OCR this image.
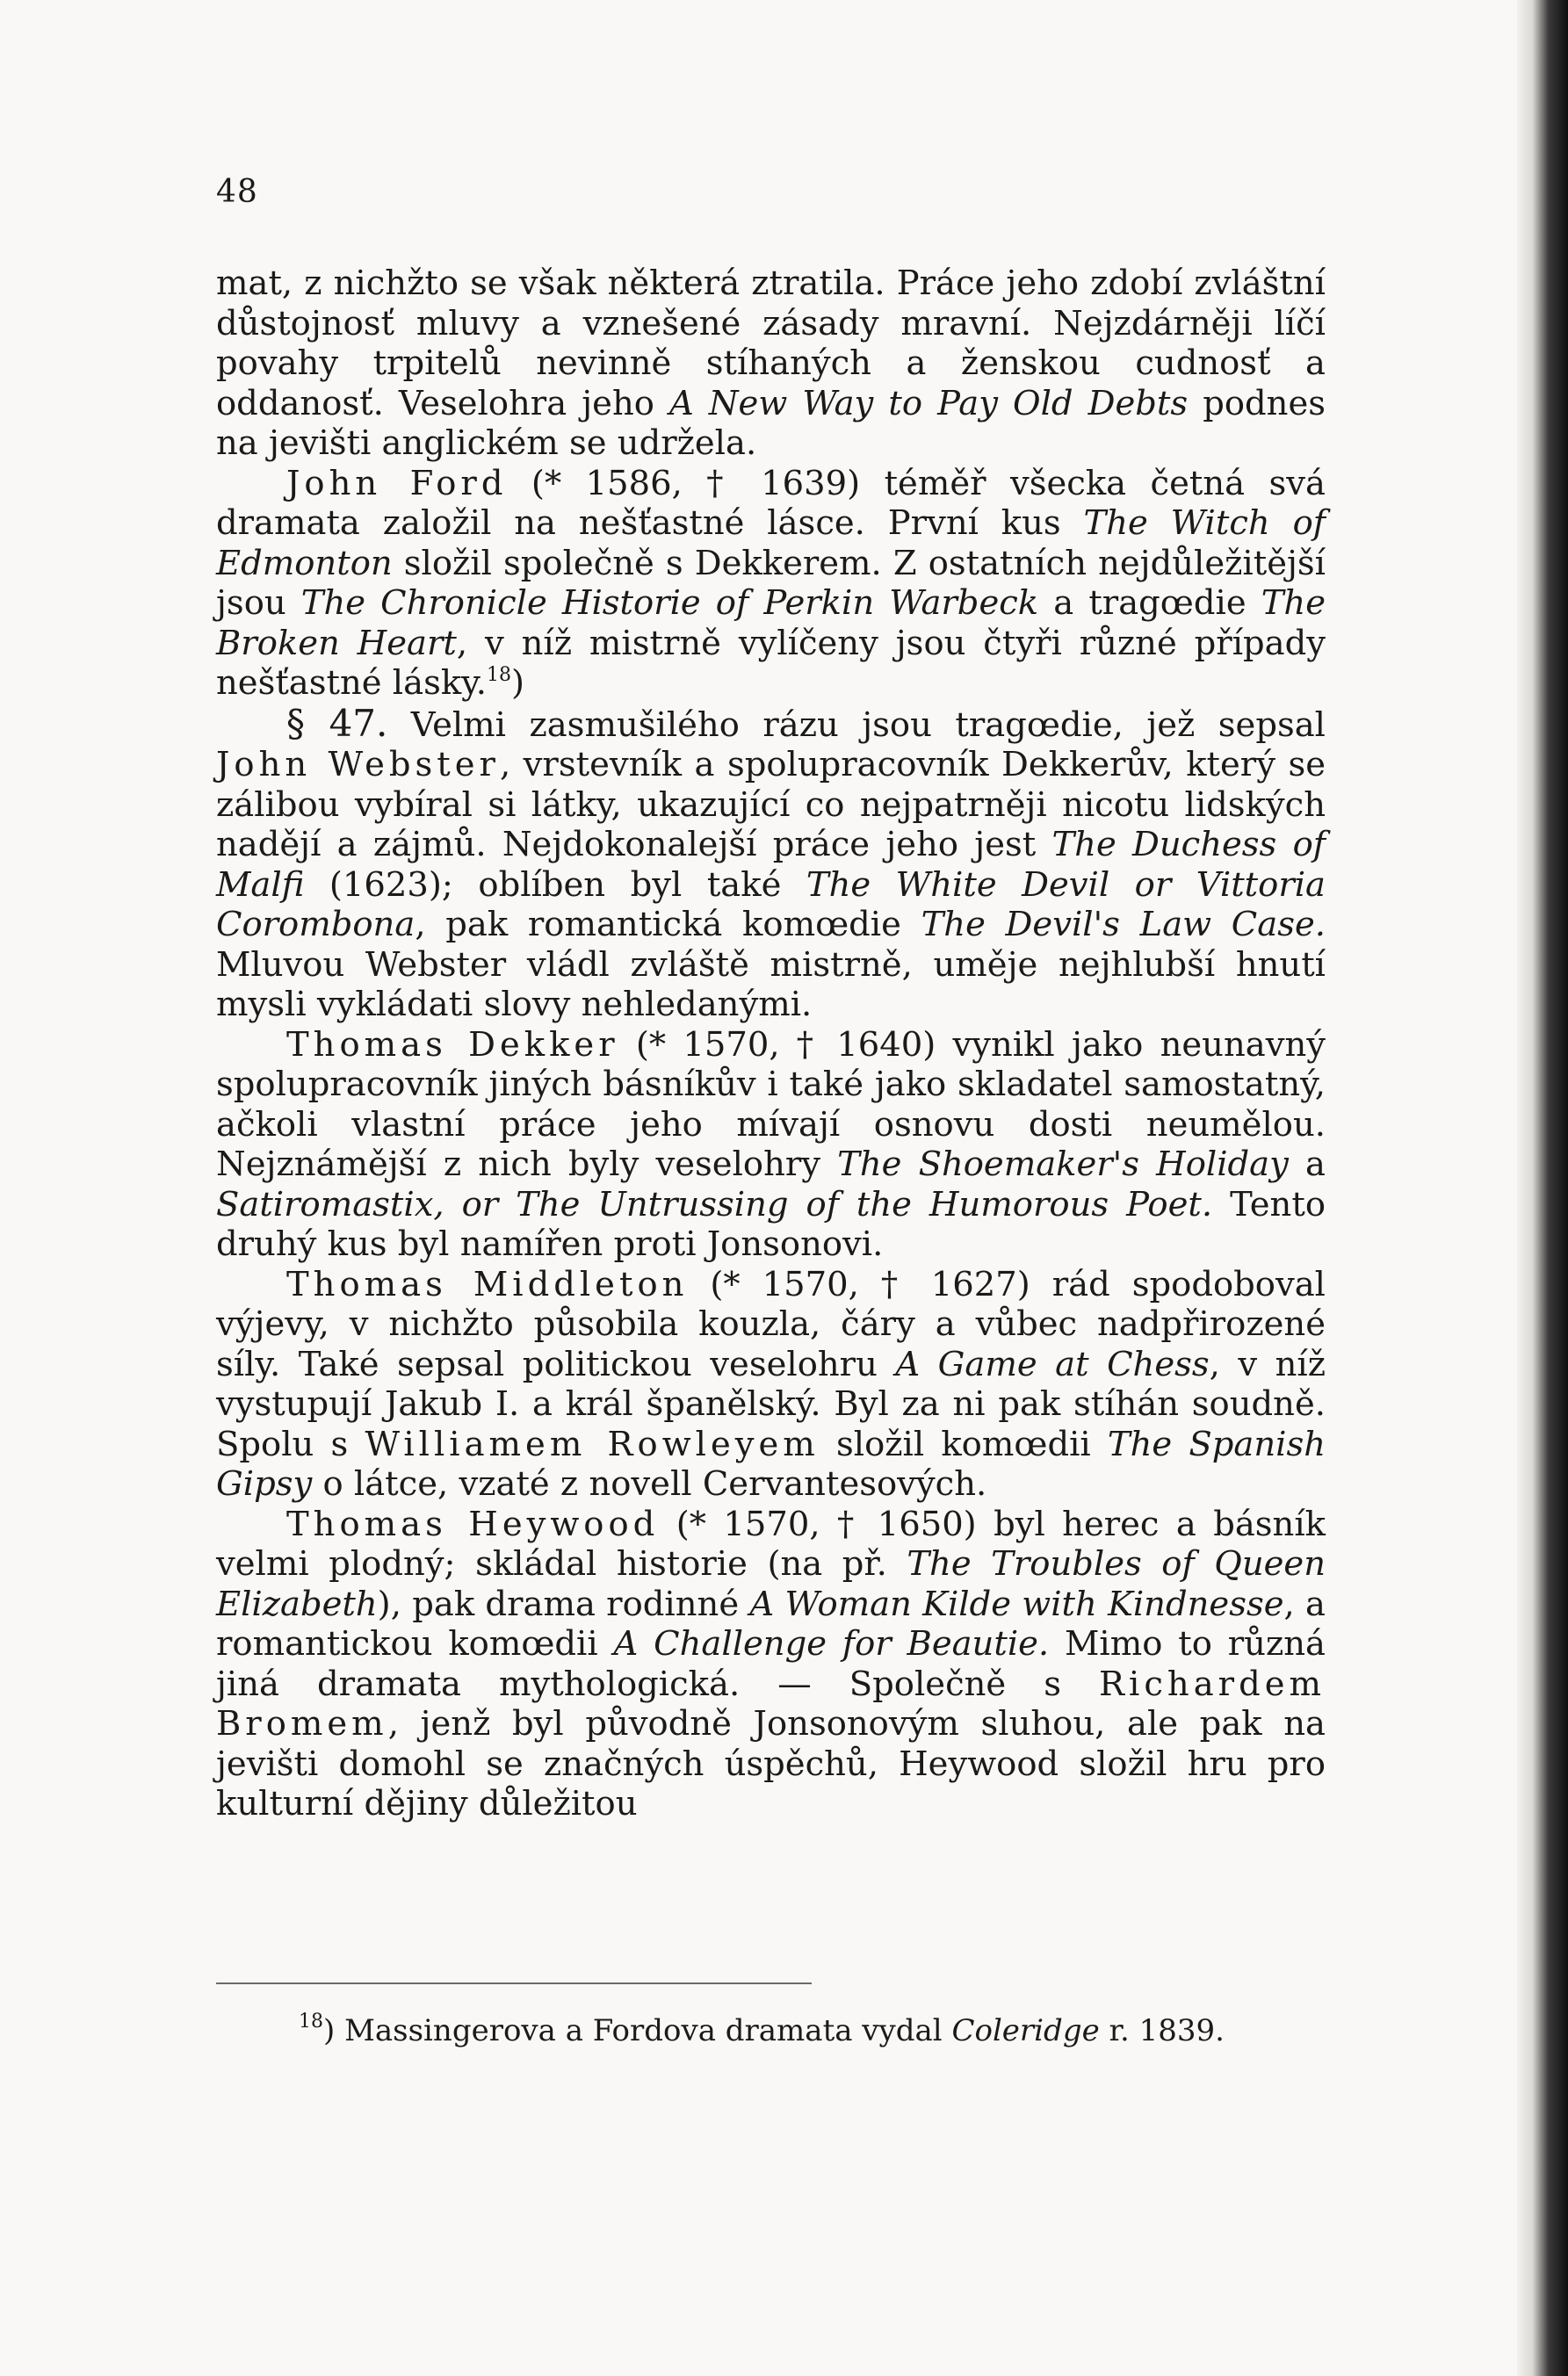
48

mat, z nichžto se však některá ztratila. Práce jeho zdobí zvláštní důstojnosť mluvy a vznešené zásady mravní. Nejzdárněji líčí povahy trpitelů nevinně stíhaných a ženskou cudnosť a oddanosť. Veselohra jeho A New Way to Pay Old Debts podnes na jevišti anglickém se udržela.

John Ford (* 1586, † 1639) téměř všecka četná svá dramata založil na nešťastné lásce. První kus The Witch of Edmonton složil společně s Dekkerem. Z ostatních nejdůležitější jsou The Chronicle Historie of Perkin Warbeck a tragœdie The Broken Heart, v níž mistrně vylíčeny jsou čtyři různé případy nešťastné lásky.$^{18}$)

§ 47. Velmi zasmušilého rázu jsou tragœdie, jež sepsal John Webster, vrstevník a spolupracovník Dekkerův, který se zálibou vybíral si látky, ukazující co nejpatrněji nicotu lidských nadějí a zájmů. Nejdokonalejší práce jeho jest The Duchess of Malfi (1623); oblíben byl také The White Devil or Vittoria Corombona, pak romantická komœdie The Devil's Law Case. Mluvou Webster vládl zvláště mistrně, uměje nejhlubší hnutí mysli vykládati slovy nehledanými.

Thomas Dekker (* 1570, † 1640) vynikl jako neunavný spolupracovník jiných básníkův i také jako skladatel samostatný, ačkoli vlastní práce jeho mívají osnovu dosti neumělou. Nejznámější z nich byly veselohry The Shoemaker's Holiday a Satiromastix, or The Untrussing of the Humorous Poet. Tento druhý kus byl namířen proti Jonsonovi.

Thomas Middleton (* 1570, † 1627) rád spodoboval výjevy, v nichžto působila kouzla, čáry a vůbec nadpřirozené síly. Také sepsal politickou veselohru A Game at Chess, v níž vystupují Jakub I. a král španělský. Byl za ni pak stíhán soudně. Spolu s Williamem Rowleyem složil komœdii The Spanish Gipsy o látce, vzaté z novell Cervantesových.

Thomas Heywood (* 1570, † 1650) byl herec a básník velmi plodný; skládal historie (na př. The Troubles of Queen Elizabeth), pak drama rodinné A Woman Kilde with Kindnesse, a romantickou komœdii A Challenge for Beautie. Mimo to různá jiná dramata mythologická. — Společně s Richardem Bromem, jenž byl původně Jonsonovým sluhou, ale pak na jevišti domohl se značných úspěchů, Heywood složil hru pro kulturní dějiny důležitou

$^{18}$) Massingerova a Fordova dramata vydal Coleridge r. 1839.
